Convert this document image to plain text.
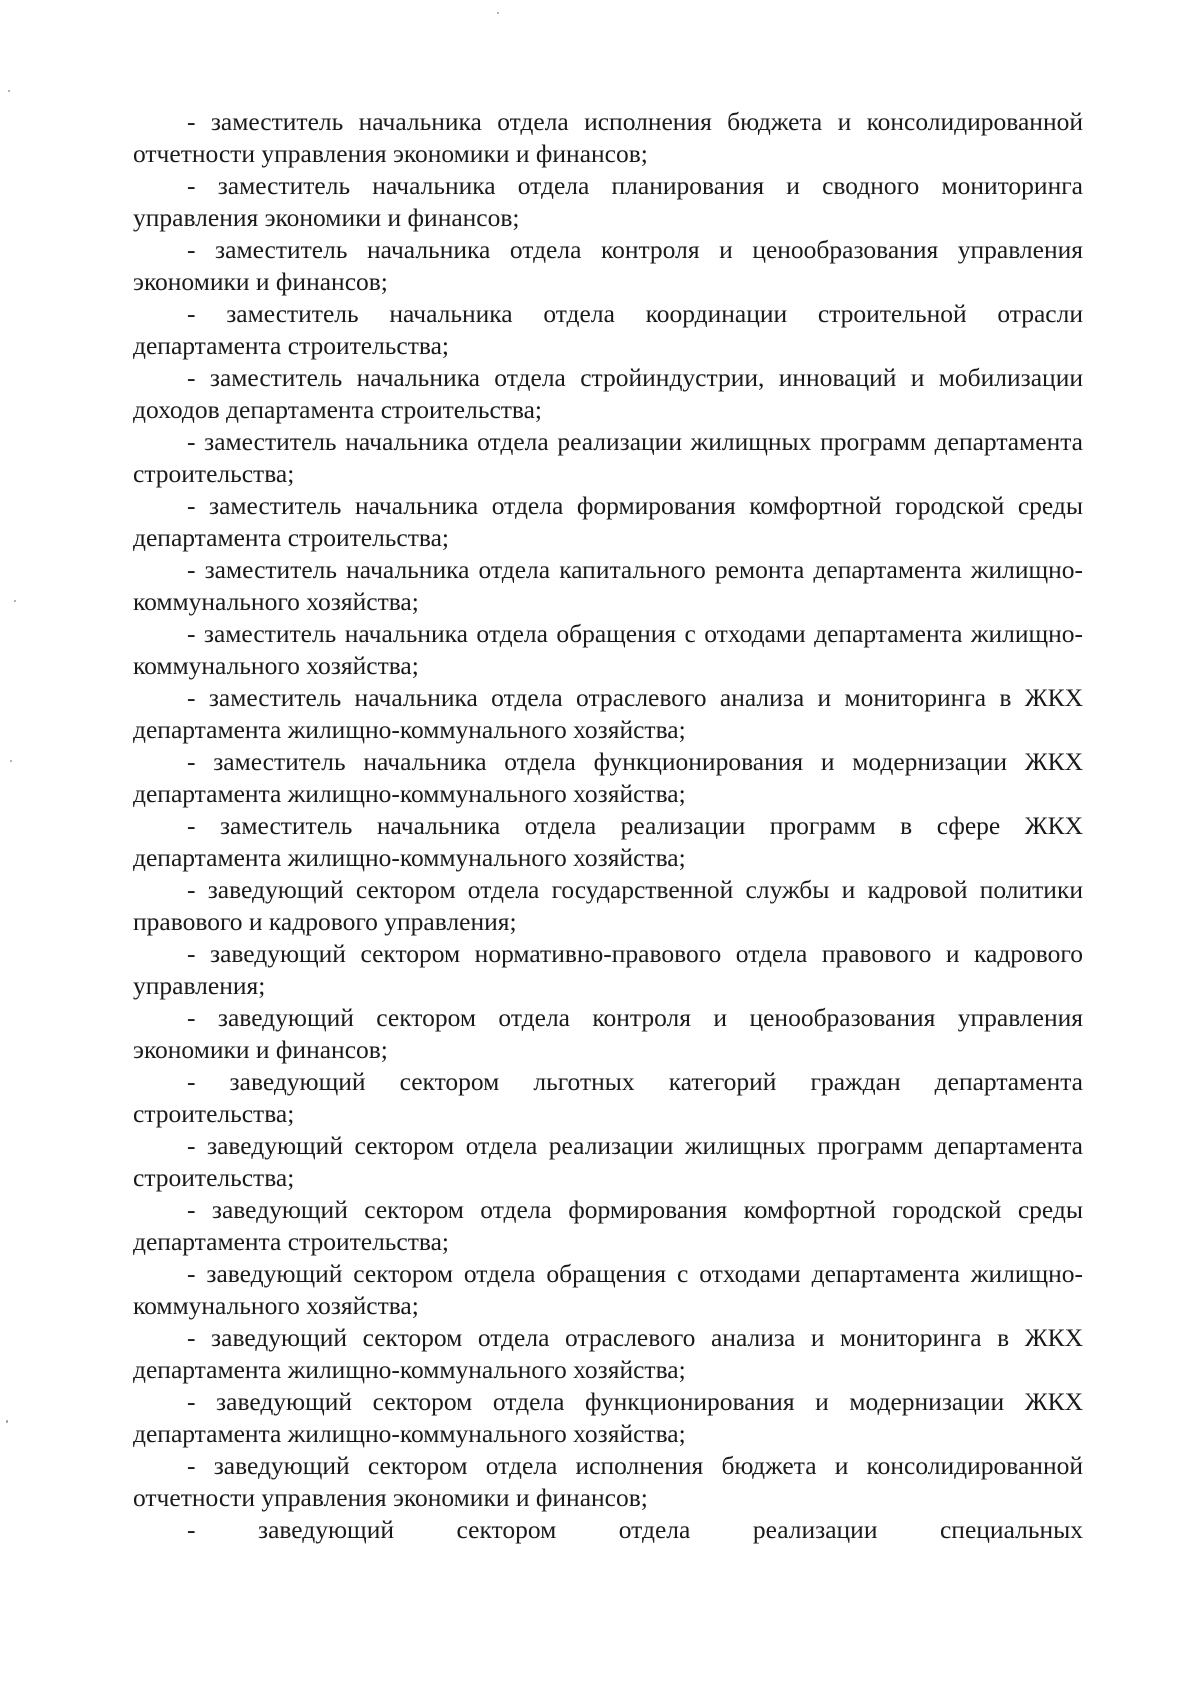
- заместитель начальника отдела исполнения бюджета и консолидированной отчетности управления экономики и финансов;

- заместитель начальника отдела планирования и сводного мониторинга управления экономики и финансов;

- заместитель начальника отдела контроля и ценообразования управления экономики и финансов;

- заместитель начальника отдела координации строительной отрасли департамента строительства;

- заместитель начальника отдела стройиндустрии, инноваций и мобилизации доходов департамента строительства;

- заместитель начальника отдела реализации жилищных программ департамента строительства;

- заместитель начальника отдела формирования комфортной городской среды департамента строительства;

- заместитель начальника отдела капитального ремонта департамента жилищно-коммунального хозяйства;

- заместитель начальника отдела обращения с отходами департамента жилищно-коммунального хозяйства;

- заместитель начальника отдела отраслевого анализа и мониторинга в ЖКХ департамента жилищно-коммунального хозяйства;

- заместитель начальника отдела функционирования и модернизации ЖКХ департамента жилищно-коммунального хозяйства;

- заместитель начальника отдела реализации программ в сфере ЖКХ департамента жилищно-коммунального хозяйства;

- заведующий сектором отдела государственной службы и кадровой политики правового и кадрового управления;

- заведующий сектором нормативно-правового отдела правового и кадрового управления;

- заведующий сектором отдела контроля и ценообразования управления экономики и финансов;

- заведующий сектором льготных категорий граждан департамента строительства;

- заведующий сектором отдела реализации жилищных программ департамента строительства;

- заведующий сектором отдела формирования комфортной городской среды департамента строительства;

- заведующий сектором отдела обращения с отходами департамента жилищно-коммунального хозяйства;

- заведующий сектором отдела отраслевого анализа и мониторинга в ЖКХ департамента жилищно-коммунального хозяйства;

- заведующий сектором отдела функционирования и модернизации ЖКХ департамента жилищно-коммунального хозяйства;

- заведующий сектором отдела исполнения бюджета и консолидированной отчетности управления экономики и финансов;

- заведующий сектором отдела реализации специальных
